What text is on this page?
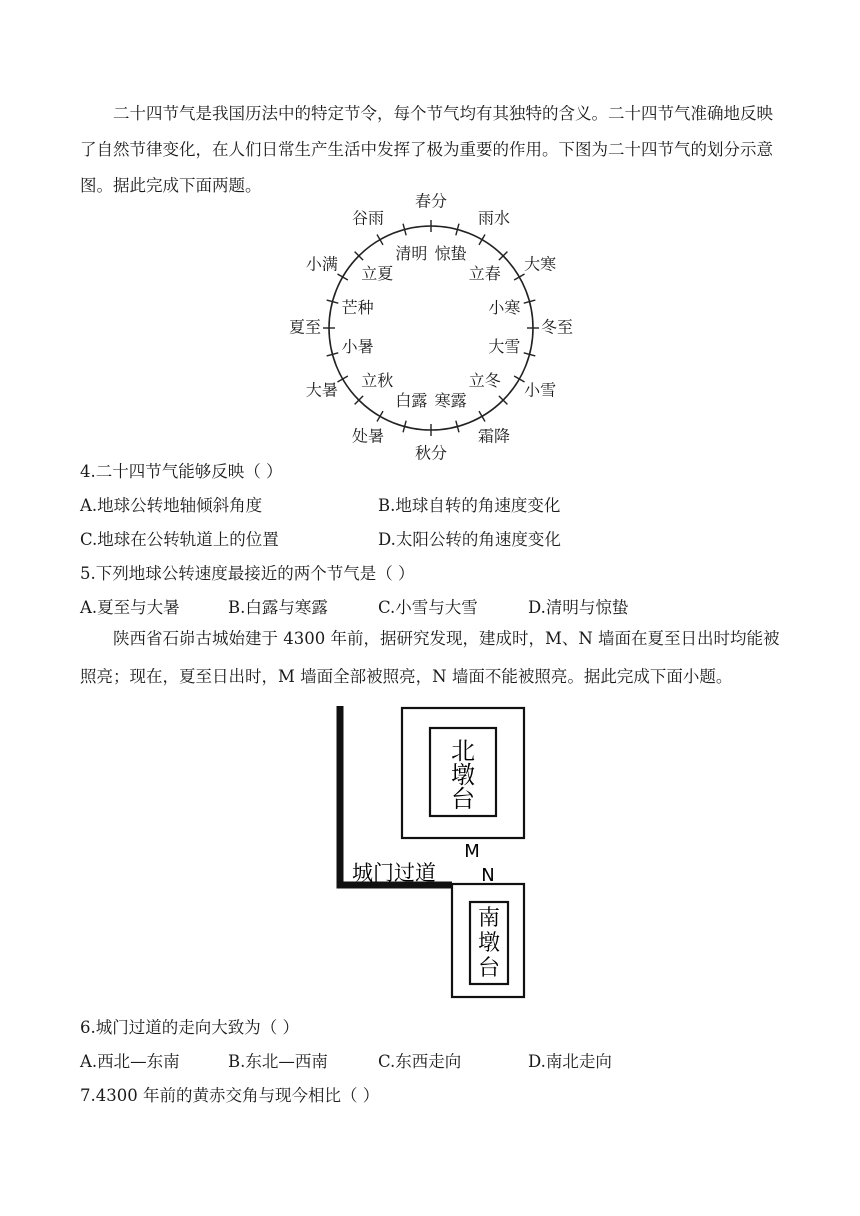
二十四节气是我国历法中的特定节令，每个节气均有其独特的含义。二十四节气准确地反映了自然节律变化，在人们日常生产生活中发挥了极为重要的作用。下图为二十四节气的划分示意图。据此完成下面两题。

春分
雨水
大寒
冬至
小雪
霜降
秋分
处暑
大暑
夏至
小满
谷雨
惊蛰
立春
小寒
大雪
立冬
寒露
白露
立秋
小暑
芒种
立夏
清明
4.二十四节气能够反映（ ）
A.地球公转地轴倾斜角度	B.地球自转的角速度变化
C.地球在公转轨道上的位置	D.太阳公转的角速度变化
5.下列地球公转速度最接近的两个节气是（ ）
A.夏至与大暑	B.白露与寒露	C.小雪与大雪	D.清明与惊蛰

陕西省石峁古城始建于 4300 年前，据研究发现，建成时，M、N 墙面在夏至日出时均能被照亮；现在，夏至日出时，M 墙面全部被照亮，N 墙面不能被照亮。据此完成下面小题。

北
墩
台
M
N
城门过道
南
墩
台
6.城门过道的走向大致为（ ）
A.西北—东南	B.东北—西南	C.东西走向	D.南北走向
7.4300 年前的黄赤交角与现今相比（ ）
